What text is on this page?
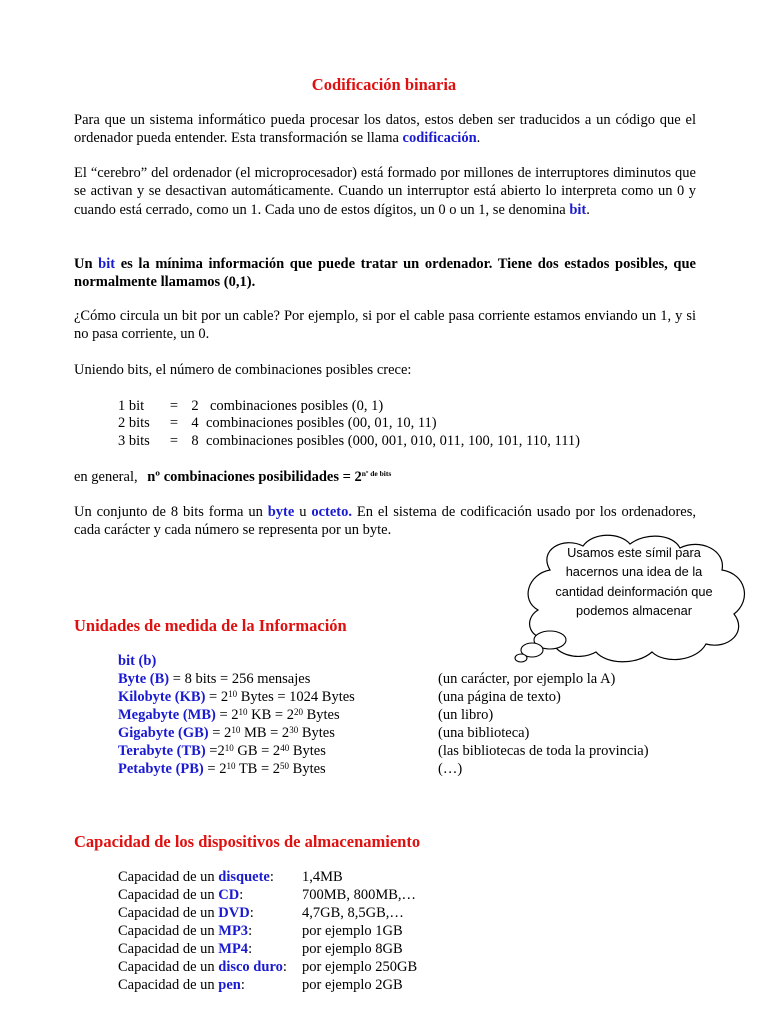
Codificación binaria
Para que un sistema informático pueda procesar los datos, estos deben ser traducidos a un código que el ordenador pueda entender. Esta transformación se llama codificación.
El “cerebro” del ordenador (el microprocesador) está formado por millones de interruptores diminutos que se activan y se desactivan automáticamente. Cuando un interruptor está abierto lo interpreta como un 0 y cuando está cerrado, como un 1. Cada uno de estos dígitos, un 0 o un 1, se denomina bit.
Un bit es la mínima información que puede tratar un ordenador. Tiene dos estados posibles, que normalmente llamamos (0,1).
¿Cómo circula un bit por un cable? Por ejemplo, si por el cable pasa corriente estamos enviando un 1, y si no pasa corriente, un 0.
Uniendo bits, el número de combinaciones posibles crece:
1 bit = 2 combinaciones posibles (0, 1)
2 bits = 4 combinaciones posibles (00, 01, 10, 11)
3 bits = 8 combinaciones posibles (000, 001, 010, 011, 100, 101, 110, 111)
en general, nº combinaciones posibilidades = $2^{nº de bits}$
Un conjunto de 8 bits forma un byte u octeto. En el sistema de codificación usado por los ordenadores, cada carácter y cada número se representa por un byte.
Usamos este símil para hacernos una idea de la cantidad deinformación que podemos almacenar
Unidades de medida de la Información
bit (b)
Byte (B) = 8 bits = 256 mensajes
Kilobyte $(KB) = 2^{10}$ Bytes = 1024 Bytes
Megabyte $(MB) = 2^{10}$ KB = $2^{20}$ Bytes
Gigabyte $(GB) = 2^{10}$ MB = $2^{30}$ Bytes
Terabyte $(TB) =2^{10}$ GB = $2^{40}$ Bytes
Petabyte $(PB) = 2^{10}$ TB = $2^{50}$ Bytes
(un carácter, por ejemplo la A)
(una página de texto)
(un libro)
(una biblioteca)
(las bibliotecas de toda la provincia)
(…)
Capacidad de los dispositivos de almacenamiento
Capacidad de un disquete:
Capacidad de un CD:
Capacidad de un DVD:
Capacidad de un MP3:
Capacidad de un MP4:
Capacidad de un disco duro:
Capacidad de un pen:
1,4MB
700MB, 800MB,…
4,7GB, 8,5GB,…
por ejemplo 1GB
por ejemplo 8GB
por ejemplo 250GB
por ejemplo 2GB
